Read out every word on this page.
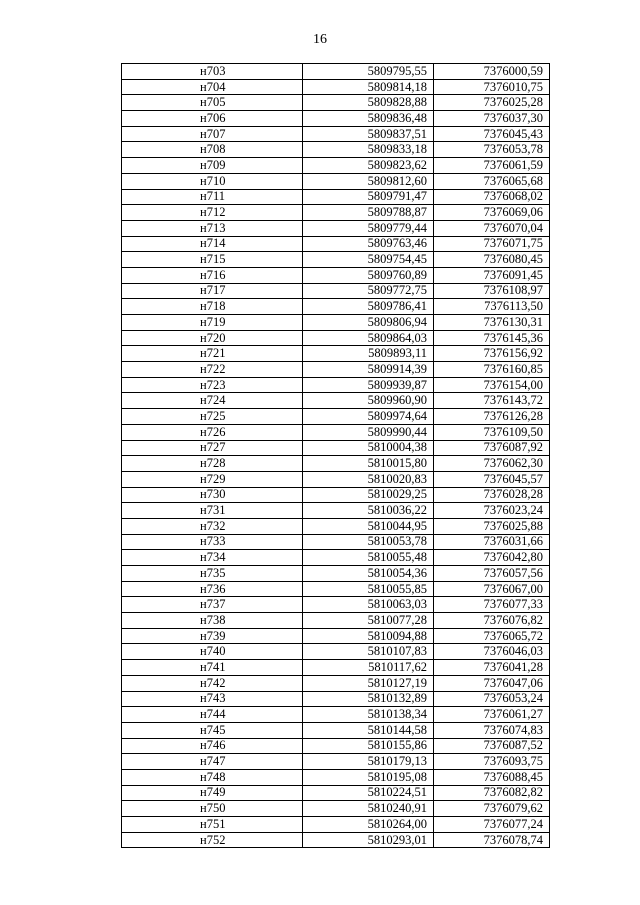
16
н703	5809795,55	7376000,59
н704	5809814,18	7376010,75
н705	5809828,88	7376025,28
н706	5809836,48	7376037,30
н707	5809837,51	7376045,43
н708	5809833,18	7376053,78
н709	5809823,62	7376061,59
н710	5809812,60	7376065,68
н711	5809791,47	7376068,02
н712	5809788,87	7376069,06
н713	5809779,44	7376070,04
н714	5809763,46	7376071,75
н715	5809754,45	7376080,45
н716	5809760,89	7376091,45
н717	5809772,75	7376108,97
н718	5809786,41	7376113,50
н719	5809806,94	7376130,31
н720	5809864,03	7376145,36
н721	5809893,11	7376156,92
н722	5809914,39	7376160,85
н723	5809939,87	7376154,00
н724	5809960,90	7376143,72
н725	5809974,64	7376126,28
н726	5809990,44	7376109,50
н727	5810004,38	7376087,92
н728	5810015,80	7376062,30
н729	5810020,83	7376045,57
н730	5810029,25	7376028,28
н731	5810036,22	7376023,24
н732	5810044,95	7376025,88
н733	5810053,78	7376031,66
н734	5810055,48	7376042,80
н735	5810054,36	7376057,56
н736	5810055,85	7376067,00
н737	5810063,03	7376077,33
н738	5810077,28	7376076,82
н739	5810094,88	7376065,72
н740	5810107,83	7376046,03
н741	5810117,62	7376041,28
н742	5810127,19	7376047,06
н743	5810132,89	7376053,24
н744	5810138,34	7376061,27
н745	5810144,58	7376074,83
н746	5810155,86	7376087,52
н747	5810179,13	7376093,75
н748	5810195,08	7376088,45
н749	5810224,51	7376082,82
н750	5810240,91	7376079,62
н751	5810264,00	7376077,24
н752	5810293,01	7376078,74
